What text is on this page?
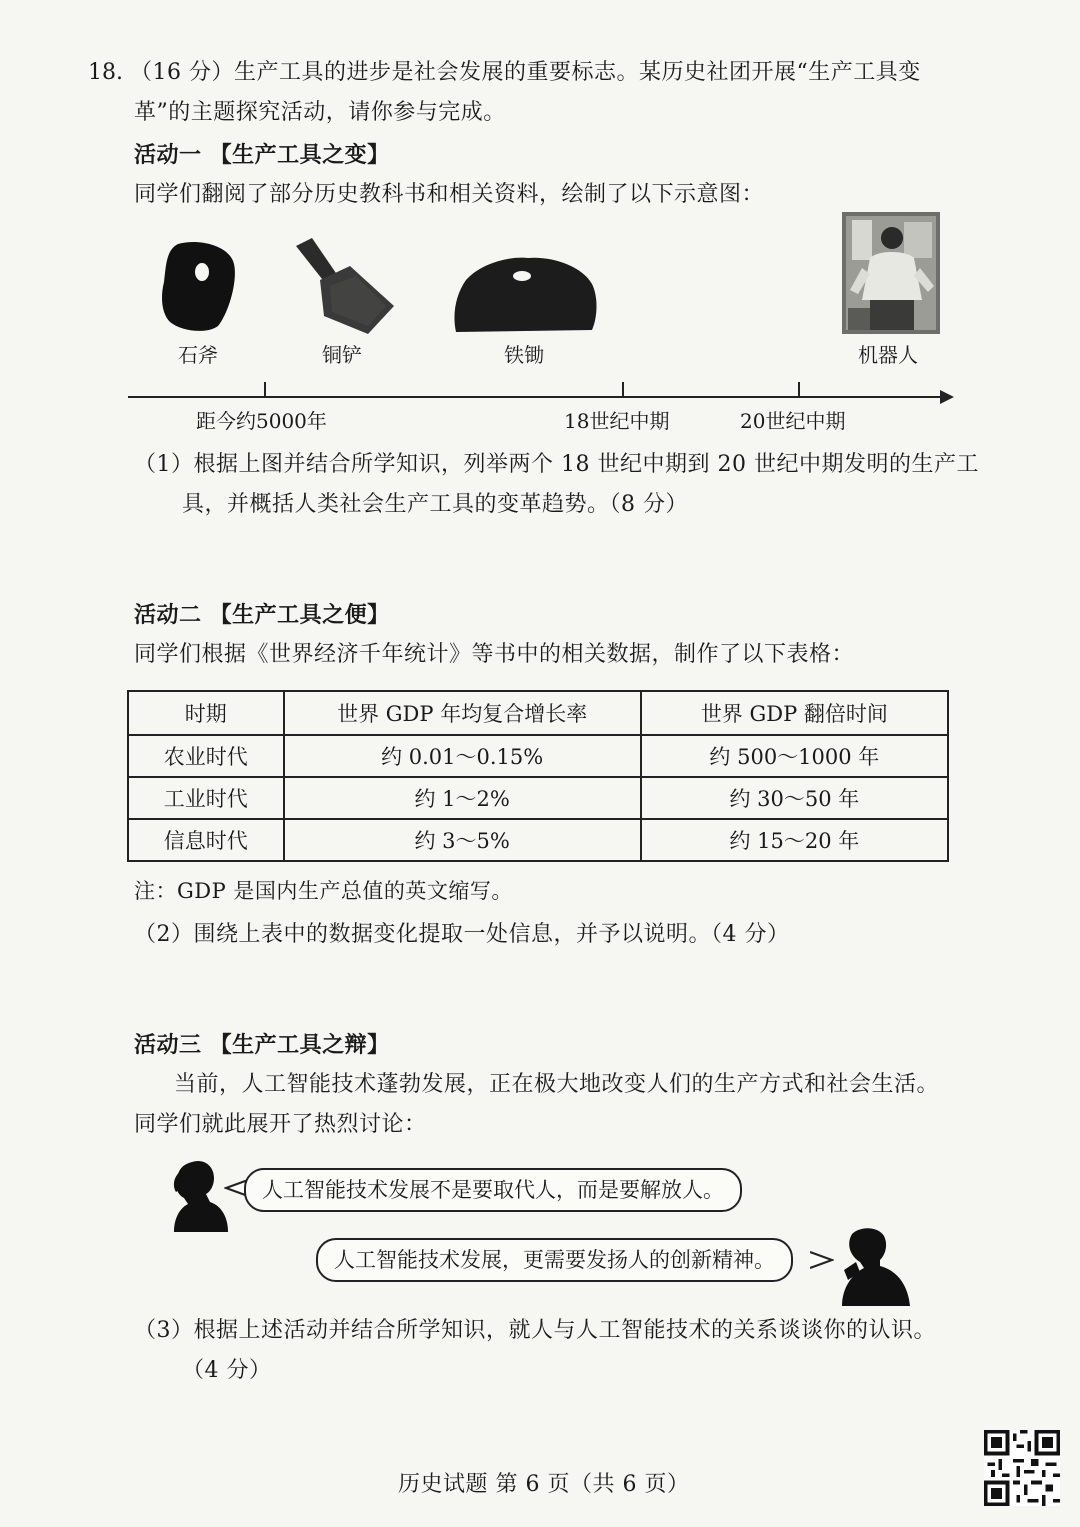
18. （16 分）生产工具的进步是社会发展的重要标志。某历史社团开展“生产工具变
革”的主题探究活动，请你参与完成。
活动一 【生产工具之变】
同学们翻阅了部分历史教科书和相关资料，绘制了以下示意图：
石斧	铜铲	铁锄	机器人
距今约5000年	18世纪中期	20世纪中期
（1）根据上图并结合所学知识，列举两个 18 世纪中期到 20 世纪中期发明的生产工
具，并概括人类社会生产工具的变革趋势。（8 分）
活动二 【生产工具之便】
同学们根据《世界经济千年统计》等书中的相关数据，制作了以下表格：
时期	世界 GDP 年均复合增长率	世界 GDP 翻倍时间
农业时代	约 0.01～0.15%	约 500～1000 年
工业时代	约 1～2%	约 30～50 年
信息时代	约 3～5%	约 15～20 年
注：GDP 是国内生产总值的英文缩写。
（2）围绕上表中的数据变化提取一处信息，并予以说明。（4 分）
活动三 【生产工具之辩】
当前，人工智能技术蓬勃发展，正在极大地改变人们的生产方式和社会生活。
同学们就此展开了热烈讨论：
人工智能技术发展不是要取代人，而是要解放人。
人工智能技术发展，更需要发扬人的创新精神。
（3）根据上述活动并结合所学知识，就人与人工智能技术的关系谈谈你的认识。
（4 分）
历史试题 第 6 页（共 6 页）
